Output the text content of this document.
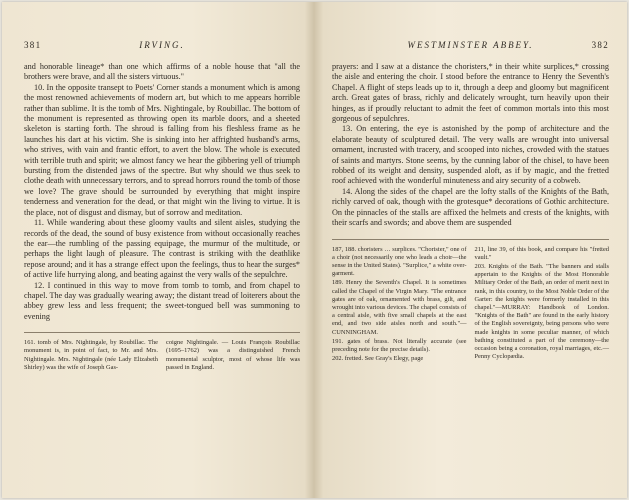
381	IRVING.

and honorable lineage* than one which affirms of a noble house that "all the brothers were brave, and all the sisters virtuous."

10. In the opposite transept to Poets' Corner stands a monument which is among the most renowned achievements of modern art, but which to me appears horrible rather than sublime. It is the tomb of Mrs. Nightingale, by Roubillac. The bottom of the monument is represented as throwing open its marble doors, and a sheeted skeleton is starting forth. The shroud is falling from his fleshless frame as he launches his dart at his victim. She is sinking into her affrighted husband's arms, who strives, with vain and frantic effort, to avert the blow. The whole is executed with terrible truth and spirit; we almost fancy we hear the gibbering yell of triumph bursting from the distended jaws of the spectre. But why should we thus seek to clothe death with unnecessary terrors, and to spread horrors round the tomb of those we love? The grave should be surrounded by everything that might inspire tenderness and veneration for the dead, or that might win the living to virtue. It is the place, not of disgust and dismay, but of sorrow and meditation.

11. While wandering about these gloomy vaults and silent aisles, studying the records of the dead, the sound of busy existence from without occasionally reaches the ear—the rumbling of the passing equipage, the murmur of the multitude, or perhaps the light laugh of pleasure. The contrast is striking with the deathlike repose around; and it has a strange effect upon the feelings, thus to hear the surges* of active life hurrying along, and beating against the very walls of the sepulchre.

12. I continued in this way to move from tomb to tomb, and from chapel to chapel. The day was gradually wearing away; the distant tread of loiterers about the abbey grew less and less frequent; the sweet-tongued bell was summoning to evening

161. tomb of Mrs. Nightingale, by Roubillac. The monument is, in point of fact, to Mr. and Mrs. Nightingale. Mrs. Nightingale (née Lady Elizabeth Shirley) was the wife of Joseph Gas-

coigne Nightingale. — Louis François Roubillac (1695–1762) was a distinguished French monumental sculptor, most of whose life was passed in England.

WESTMINSTER ABBEY.	382

prayers: and I saw at a distance the choristers,* in their white surplices,* crossing the aisle and entering the choir. I stood before the entrance to Henry the Seventh's Chapel. A flight of steps leads up to it, through a deep and gloomy but magnificent arch. Great gates of brass, richly and delicately wrought, turn heavily upon their hinges, as if proudly reluctant to admit the feet of common mortals into this most gorgeous of sepulchres.

13. On entering, the eye is astonished by the pomp of architecture and the elaborate beauty of sculptured detail. The very walls are wrought into universal ornament, incrusted with tracery, and scooped into niches, crowded with the statues of saints and martyrs. Stone seems, by the cunning labor of the chisel, to have been robbed of its weight and density, suspended aloft, as if by magic, and the fretted roof achieved with the wonderful minuteness and airy security of a cobweb.

14. Along the sides of the chapel are the lofty stalls of the Knights of the Bath, richly carved of oak, though with the grotesque* decorations of Gothic architecture. On the pinnacles of the stalls are affixed the helmets and crests of the knights, with their scarfs and swords; and above them are suspended

187, 188. choristers … surplices. "Chorister," one of a choir (not necessarily one who leads a choir—the sense in the United States). "Surplice," a white over-garment.

189. Henry the Seventh's Chapel. It is sometimes called the Chapel of the Virgin Mary. "The entrance gates are of oak, ornamented with brass, gilt, and wrought into various devices. The chapel consists of a central aisle, with five small chapels at the east end, and two side aisles north and south."—CUNNINGHAM.

191. gates of brass. Not literally accurate (see preceding note for the precise details).

202. fretted. See Gray's Elegy, page

211, line 39, of this book, and compare his "fretted vault."

203. Knights of the Bath. "The banners and stalls appertain to the Knights of the Most Honorable Military Order of the Bath, an order of merit next in rank, in this country, to the Most Noble Order of the Garter: the knights were formerly installed in this chapel."—MURRAY: Handbook of London. "Knights of the Bath" are found in the early history of the English sovereignty, being persons who were made knights in some peculiar manner, of which bathing constituted a part of the ceremony—the occasion being a coronation, royal marriages, etc.—Penny Cyclopædia.
